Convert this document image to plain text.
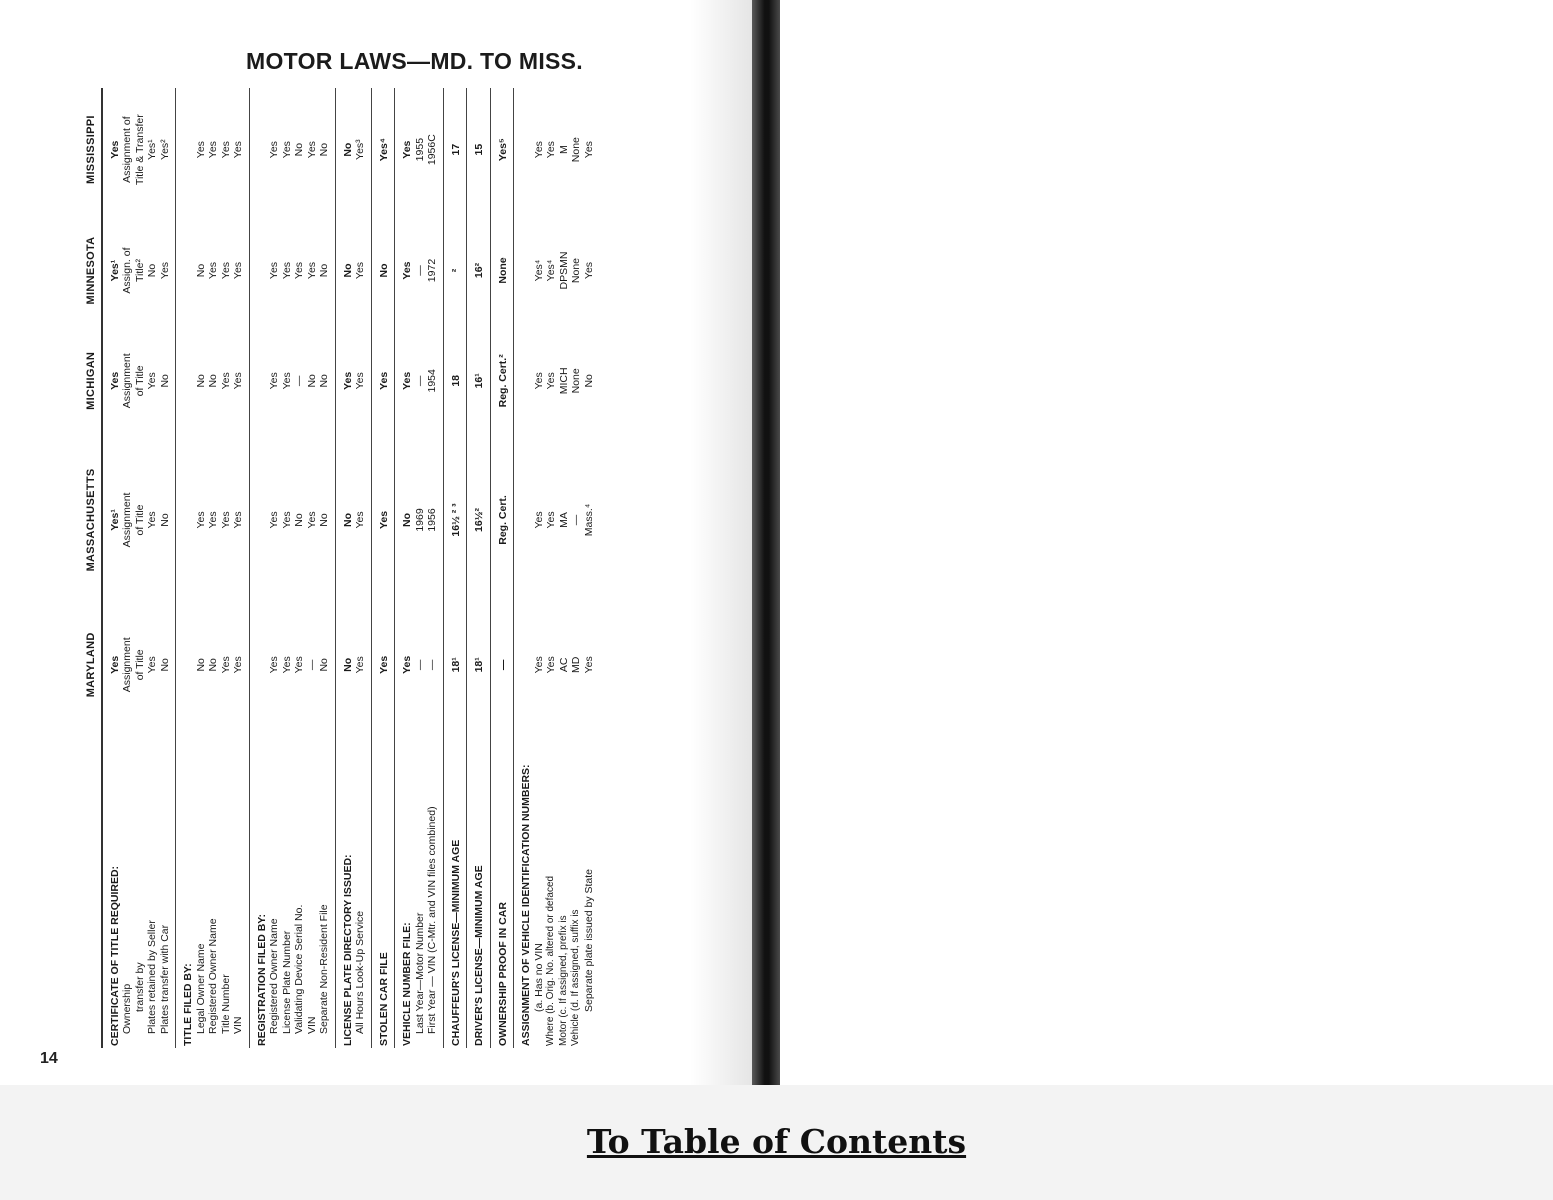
MOTOR LAWS—MD. TO MISS.
14
	MARYLAND	MASSACHUSETTS	MICHIGAN	MINNESOTA	MISSISSIPPI
CERTIFICATE OF TITLE REQUIRED:	Yes	Yes¹	Yes	Yes¹	Yes
Ownership	Assignment	Assignment	Assignment	Assign. of	Assignment of
transfer by	of Title	of Title	of Title	Title²	Title & Transfer
Plates retained by Seller	Yes	Yes	Yes	No	Yes¹
Plates transfer with Car	No	No	No	Yes	Yes²
TITLE FILED BY:					
Legal Owner Name	No	Yes	No	No	Yes
Registered Owner Name	No	Yes	No	Yes	Yes
Title Number	Yes	Yes	Yes	Yes	Yes
VIN	Yes	Yes	Yes	Yes	Yes
REGISTRATION FILED BY:					
Registered Owner Name	Yes	Yes	Yes	Yes	Yes
License Plate Number	Yes	Yes	Yes	Yes	Yes
Validating Device Serial No.	Yes	No	—	Yes	No
VIN	—	Yes	No	Yes	Yes
Separate Non-Resident File	No	No	No	No	No
LICENSE PLATE DIRECTORY ISSUED:	No	No	Yes	No	No
All Hours Look-Up Service	Yes	Yes	Yes	Yes	Yes³
STOLEN CAR FILE	Yes	Yes	Yes	No	Yes⁴
VEHICLE NUMBER FILE:	Yes	No	Yes	Yes	Yes
Last Year—Motor Number	—	1969	—	—	1955
First Year — VIN (C-Mtr. and VIN files combined)	—	1956	1954	1972	1956C
CHAUFFEUR'S LICENSE—MINIMUM AGE	18¹	16½ ² ³	18	²	17
DRIVER'S LICENSE—MINIMUM AGE	18¹	16½²	16¹	16²	15
OWNERSHIP PROOF IN CAR	—	Reg. Cert.	Reg. Cert.²	None	Yes⁵
ASSIGNMENT OF VEHICLE IDENTIFICATION NUMBERS:					
(a. Has no VIN	Yes	Yes	Yes	Yes⁴	Yes
Where (b. Orig. No. altered or defaced	Yes	Yes	Yes	Yes⁴	Yes
Motor (c. If assigned, prefix is	AC	MA	MICH	DPSMN	M
Vehicle (d. If assigned, suffix is	MD	—	None	None	None
Separate plate issued by State	Yes	Mass.⁴	No	Yes	Yes

To Table of Contents
